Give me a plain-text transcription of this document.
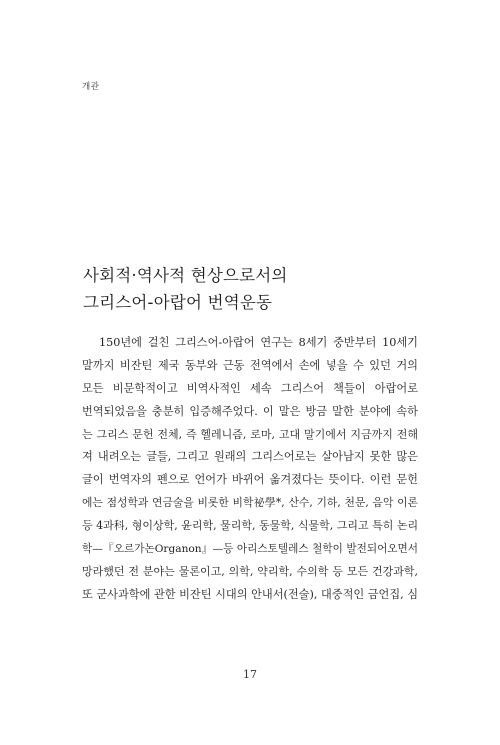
개관
사회적·역사적 현상으로서의
그리스어-아랍어 번역운동
150년에 걸친 그리스어-아랍어 연구는 8세기 중반부터 10세기
말까지 비잔틴 제국 동부와 근동 전역에서 손에 넣을 수 있던 거의
모든 비문학적이고 비역사적인 세속 그리스어 책들이 아랍어로
번역되었음을 충분히 입증해주었다. 이 말은 방금 말한 분야에 속하
는 그리스 문헌 전체, 즉 헬레니즘, 로마, 고대 말기에서 지금까지 전해
져 내려오는 글들, 그리고 원래의 그리스어로는 살아남지 못한 많은
글이 번역자의 펜으로 언어가 바뀌어 옮겨졌다는 뜻이다. 이런 문헌
에는 점성학과 연금술을 비롯한 비학祕學*, 산수, 기하, 천문, 음악 이론
등 4과科, 형이상학, 윤리학, 물리학, 동물학, 식물학, 그리고 특히 논리
학—『오르가논Organon』—등 아리스토텔레스 철학이 발전되어오면서
망라했던 전 분야는 물론이고, 의학, 약리학, 수의학 등 모든 건강과학,
또 군사과학에 관한 비잔틴 시대의 안내서(전술), 대중적인 금언집, 심
17
